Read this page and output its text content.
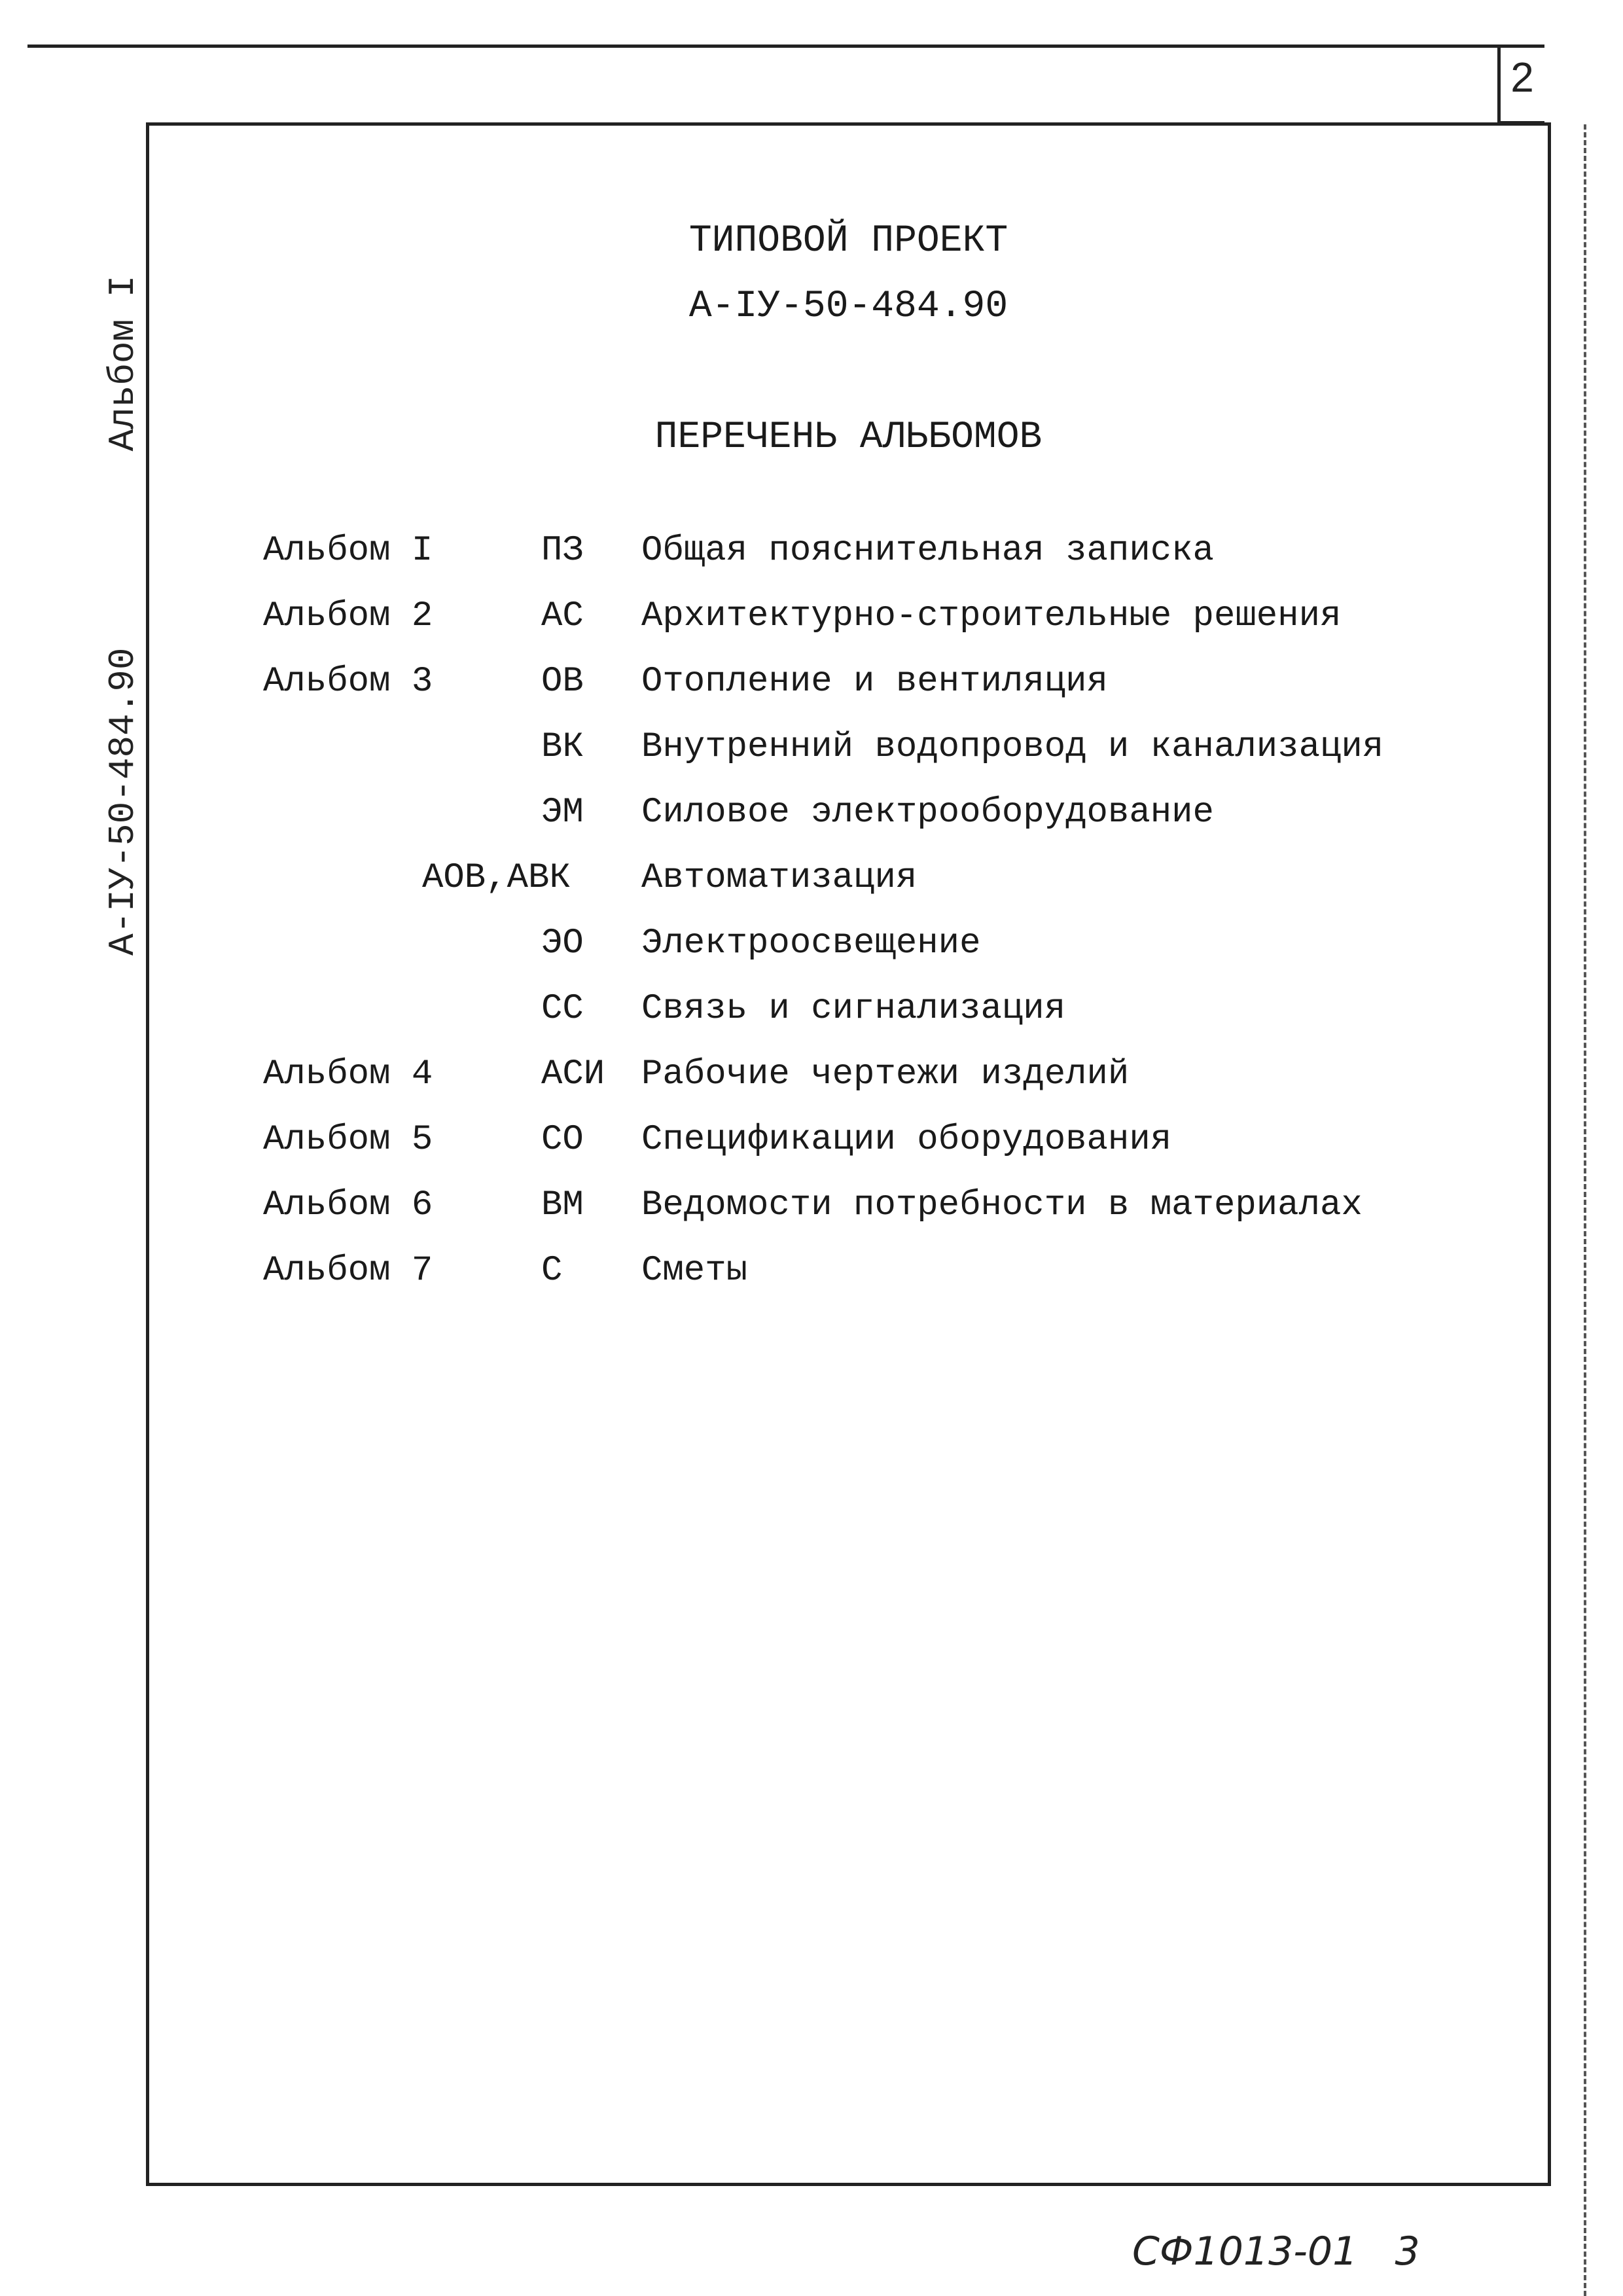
2
А-IУ-50-484.90Альбом I
ТИПОВОЙ ПРОЕКТ
А-IУ-50-484.90
ПЕРЕЧЕНЬ АЛЬБОМОВ
Альбом I	ПЗ Общая пояснительная записка
Альбом 2	АС Архитектурно-строительные решения
Альбом 3	ОВ Отопление и вентиляция
ВК Внутренний водопровод и канализация
ЭМ Силовое электрооборудование
АОВ,АВК Автоматизация
ЭО Электроосвещение
СС Связь и сигнализация
Альбом 4	АСИ Рабочие чертежи изделий
Альбом 5	СО Спецификации оборудования
Альбом 6	ВМ Ведомости потребности в материалах
Альбом 7	С Сметы
СФ1013-01 3
